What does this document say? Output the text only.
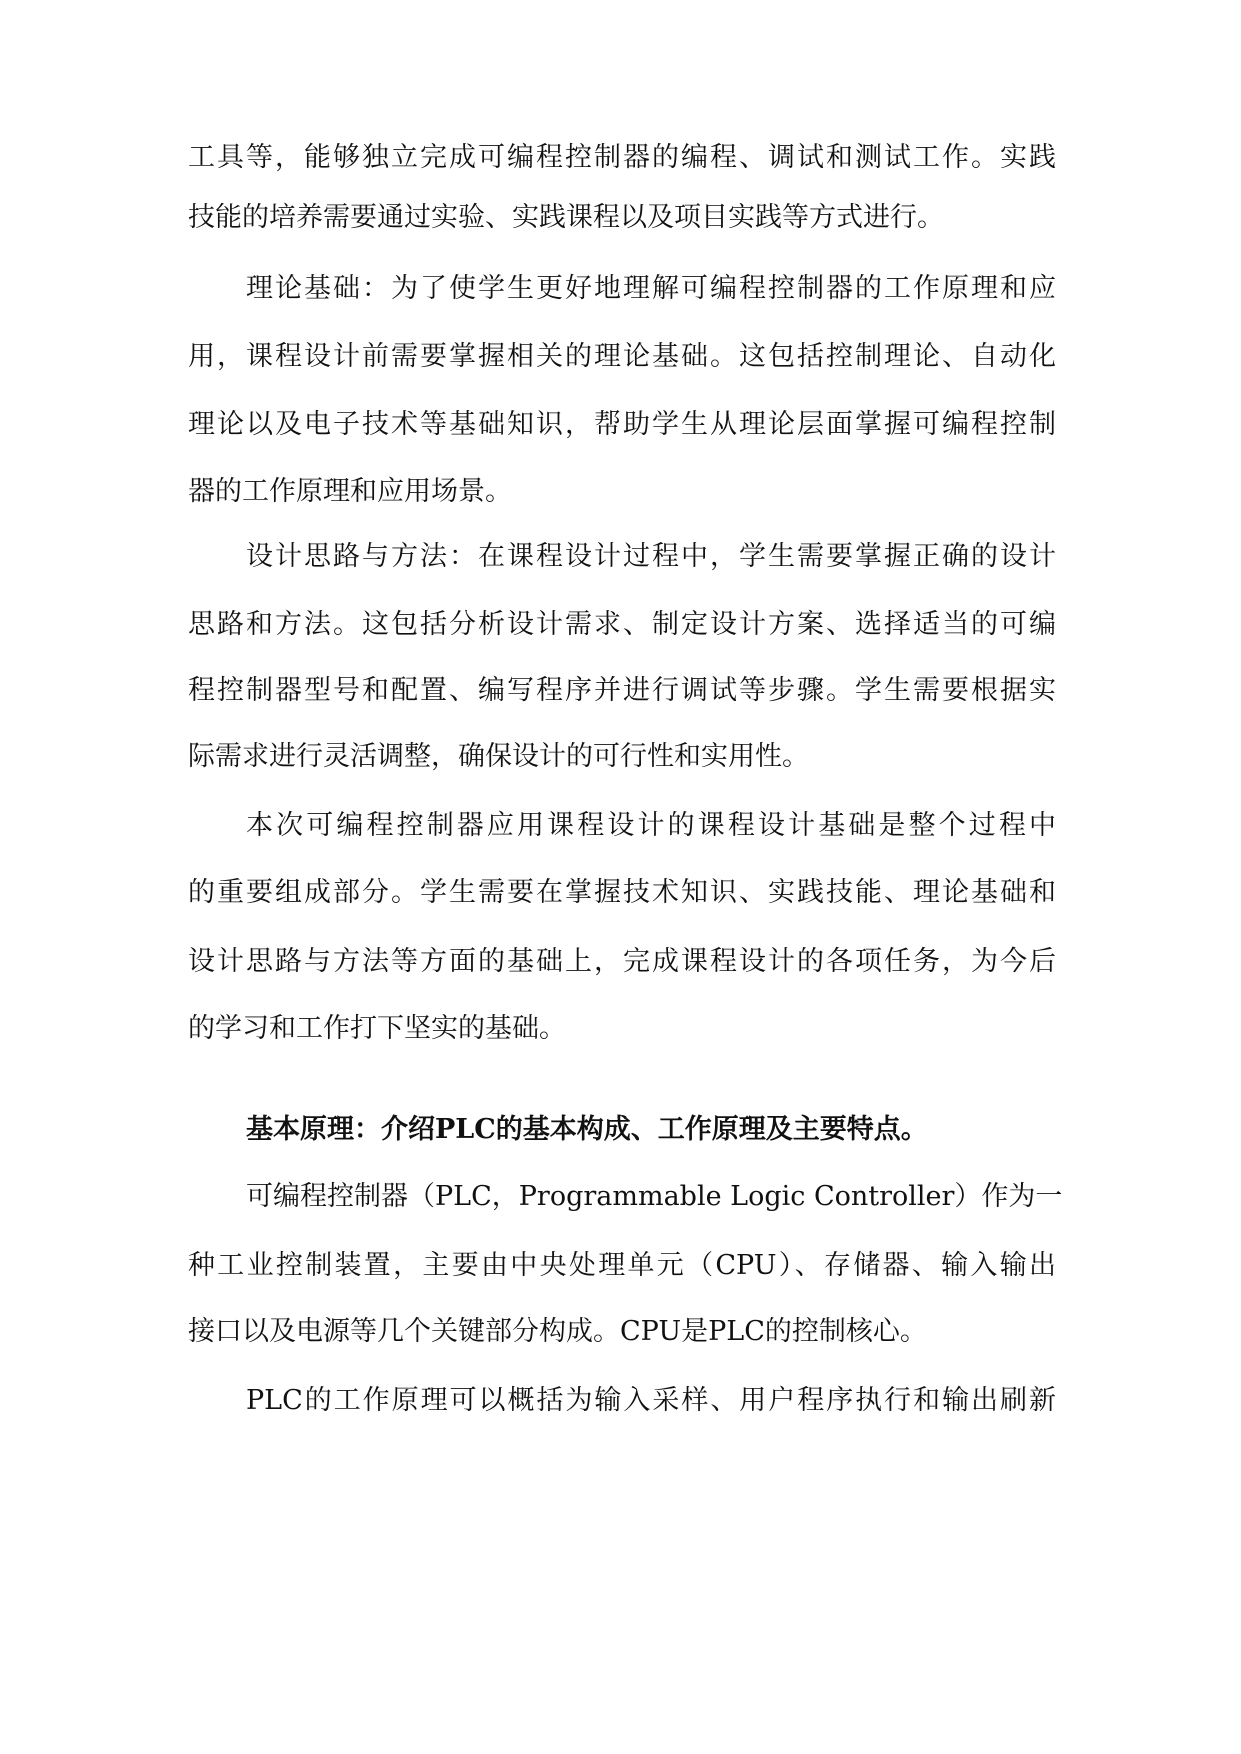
工具等，能够独立完成可编程控制器的编程、调试和测试工作。实践
技能的培养需要通过实验、实践课程以及项目实践等方式进行。
理论基础：为了使学生更好地理解可编程控制器的工作原理和应
用，课程设计前需要掌握相关的理论基础。这包括控制理论、自动化
理论以及电子技术等基础知识，帮助学生从理论层面掌握可编程控制
器的工作原理和应用场景。
设计思路与方法：在课程设计过程中，学生需要掌握正确的设计
思路和方法。这包括分析设计需求、制定设计方案、选择适当的可编
程控制器型号和配置、编写程序并进行调试等步骤。学生需要根据实
际需求进行灵活调整，确保设计的可行性和实用性。
本次可编程控制器应用课程设计的课程设计基础是整个过程中
的重要组成部分。学生需要在掌握技术知识、实践技能、理论基础和
设计思路与方法等方面的基础上，完成课程设计的各项任务，为今后
的学习和工作打下坚实的基础。
基本原理：介绍PLC的基本构成、工作原理及主要特点。
可编程控制器（PLC，Programmable Logic Controller）作为一
种工业控制装置，主要由中央处理单元（CPU）、存储器、输入输出
接口以及电源等几个关键部分构成。CPU是PLC的控制核心。
PLC的工作原理可以概括为输入采样、用户程序执行和输出刷新
